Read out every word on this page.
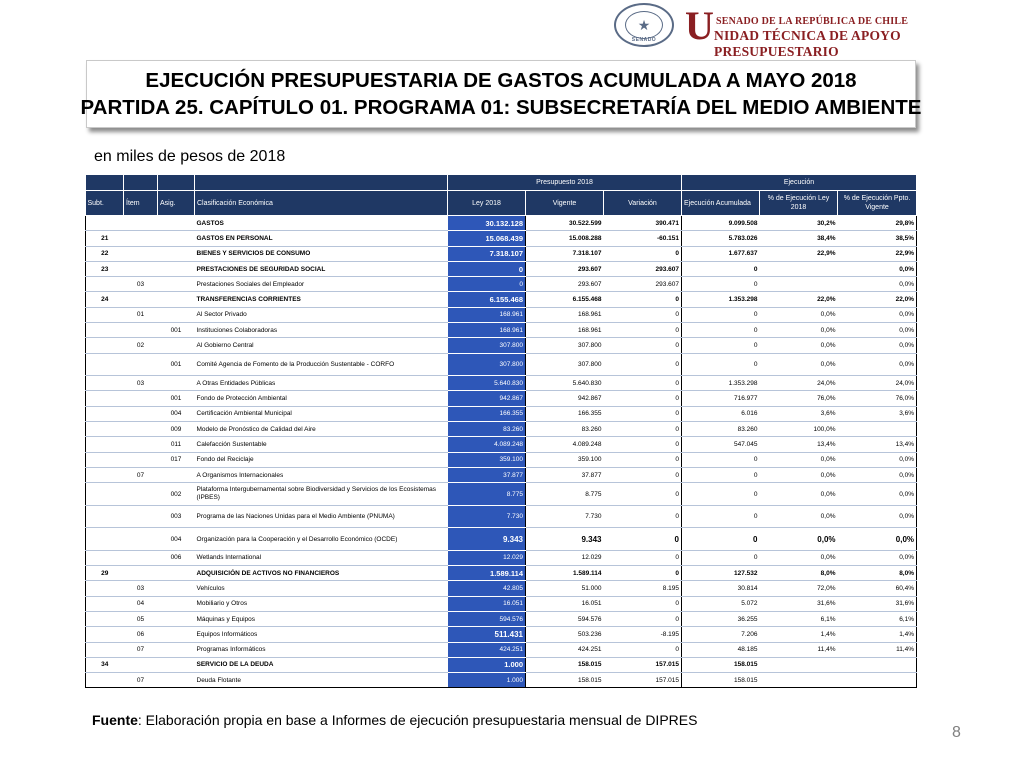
★
SENADO U SENADO DE LA REPÚBLICA DE CHILE
NIDAD TÉCNICA DE APOYO PRESUPUESTARIO
EJECUCIÓN PRESUPUESTARIA DE GASTOS ACUMULADA A MAYO 2018
PARTIDA 25. CAPÍTULO 01. PROGRAMA 01: SUBSECRETARÍA DEL MEDIO AMBIENTE
en miles de pesos de 2018
				Presupuesto 2018			Ejecución		
Subt.	Ítem	Asig.	Clasificación Económica	Ley 2018	Vigente	Variación	Ejecución Acumulada	% de Ejecución Ley 2018	% de Ejecución Ppto. Vigente
			GASTOS	30.132.128	30.522.599	390.471	9.099.508	30,2%	29,8%
21			GASTOS EN PERSONAL	15.068.439	15.008.288	-60.151	5.783.026	38,4%	38,5%
22			BIENES Y SERVICIOS DE CONSUMO	7.318.107	7.318.107	0	1.677.637	22,9%	22,9%
23			PRESTACIONES DE SEGURIDAD SOCIAL	0	293.607	293.607	0		0,0%
	03		Prestaciones Sociales del Empleador	0	293.607	293.607	0		0,0%
24			TRANSFERENCIAS CORRIENTES	6.155.468	6.155.468	0	1.353.298	22,0%	22,0%
	01		Al Sector Privado	168.961	168.961	0	0	0,0%	0,0%
		001	Instituciones Colaboradoras	168.961	168.961	0	0	0,0%	0,0%
	02		Al Gobierno Central	307.800	307.800	0	0	0,0%	0,0%
		001	Comité Agencia de Fomento de la Producción Sustentable - CORFO	307.800	307.800	0	0	0,0%	0,0%
	03		A Otras Entidades Públicas	5.640.830	5.640.830	0	1.353.298	24,0%	24,0%
		001	Fondo de Protección Ambiental	942.867	942.867	0	716.977	76,0%	76,0%
		004	Certificación Ambiental Municipal	166.355	166.355	0	6.016	3,6%	3,6%
		009	Modelo de Pronóstico de Calidad del Aire	83.260	83.260	0	83.260	100,0%	
		011	Calefacción Sustentable	4.089.248	4.089.248	0	547.045	13,4%	13,4%
		017	Fondo del Reciclaje	359.100	359.100	0	0	0,0%	0,0%
	07		A Organismos Internacionales	37.877	37.877	0	0	0,0%	0,0%
		002	Plataforma Intergubernamental sobre Biodiversidad y Servicios de los Ecosistemas (IPBES)	8.775	8.775	0	0	0,0%	0,0%
		003	Programa de las Naciones Unidas para el Medio Ambiente (PNUMA)	7.730	7.730	0	0	0,0%	0,0%
		004	Organización para la Cooperación y el Desarrollo Económico (OCDE)	9.343	9.343	0	0	0,0%	0,0%
		006	Wetlands International	12.029	12.029	0	0	0,0%	0,0%
29			ADQUISICIÓN DE ACTIVOS NO FINANCIEROS	1.589.114	1.589.114	0	127.532	8,0%	8,0%
	03		Vehículos	42.805	51.000	8.195	30.814	72,0%	60,4%
	04		Mobiliario y Otros	16.051	16.051	0	5.072	31,6%	31,6%
	05		Máquinas y Equipos	594.576	594.576	0	36.255	6,1%	6,1%
	06		Equipos Informáticos	511.431	503.236	-8.195	7.206	1,4%	1,4%
	07		Programas Informáticos	424.251	424.251	0	48.185	11,4%	11,4%
34			SERVICIO DE LA DEUDA	1.000	158.015	157.015	158.015		
	07		Deuda Flotante	1.000	158.015	157.015	158.015		
Fuente: Elaboración propia en base a Informes de ejecución presupuestaria mensual de DIPRES
8
